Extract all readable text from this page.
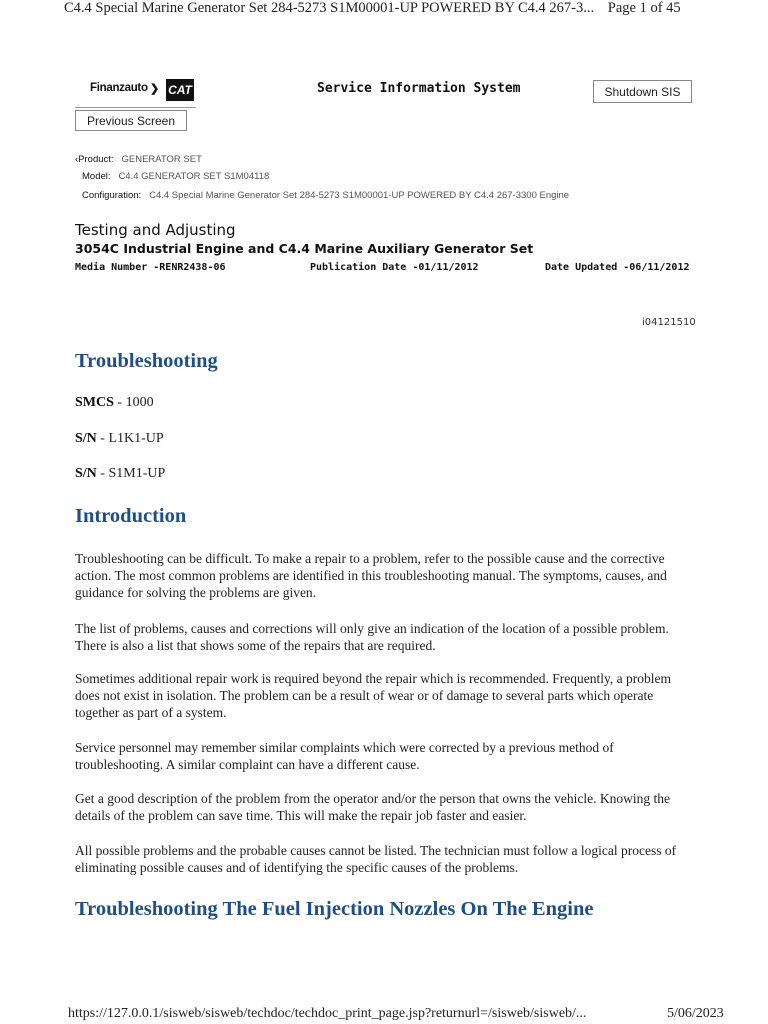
C4.4 Special Marine Generator Set 284-5273 S1M00001-UP POWERED BY C4.4 267-3... Page 1 of 45
Finanzauto ❯ CAT	Service Information System	Shutdown SIS
Previous Screen
‹Product: GENERATOR SET
Model: C4.4 GENERATOR SET S1M04118
Configuration: C4.4 Special Marine Generator Set 284-5273 S1M00001-UP POWERED BY C4.4 267-3300 Engine
Testing and Adjusting
3054C Industrial Engine and C4.4 Marine Auxiliary Generator Set
Media Number -RENR2438-06	Publication Date -01/11/2012	Date Updated -06/11/2012
i04121510
Troubleshooting
SMCS - 1000
S/N - L1K1-UP
S/N - S1M1-UP
Introduction
Troubleshooting can be difficult. To make a repair to a problem, refer to the possible cause and the corrective action. The most common problems are identified in this troubleshooting manual. The symptoms, causes, and guidance for solving the problems are given.
The list of problems, causes and corrections will only give an indication of the location of a possible problem. There is also a list that shows some of the repairs that are required.
Sometimes additional repair work is required beyond the repair which is recommended. Frequently, a problem does not exist in isolation. The problem can be a result of wear or of damage to several parts which operate together as part of a system.
Service personnel may remember similar complaints which were corrected by a previous method of troubleshooting. A similar complaint can have a different cause.
Get a good description of the problem from the operator and/or the person that owns the vehicle. Knowing the details of the problem can save time. This will make the repair job faster and easier.
All possible problems and the probable causes cannot be listed. The technician must follow a logical process of eliminating possible causes and of identifying the specific causes of the problems.
Troubleshooting The Fuel Injection Nozzles On The Engine
https://127.0.0.1/sisweb/sisweb/techdoc/techdoc_print_page.jsp?returnurl=/sisweb/sisweb/...	5/06/2023
